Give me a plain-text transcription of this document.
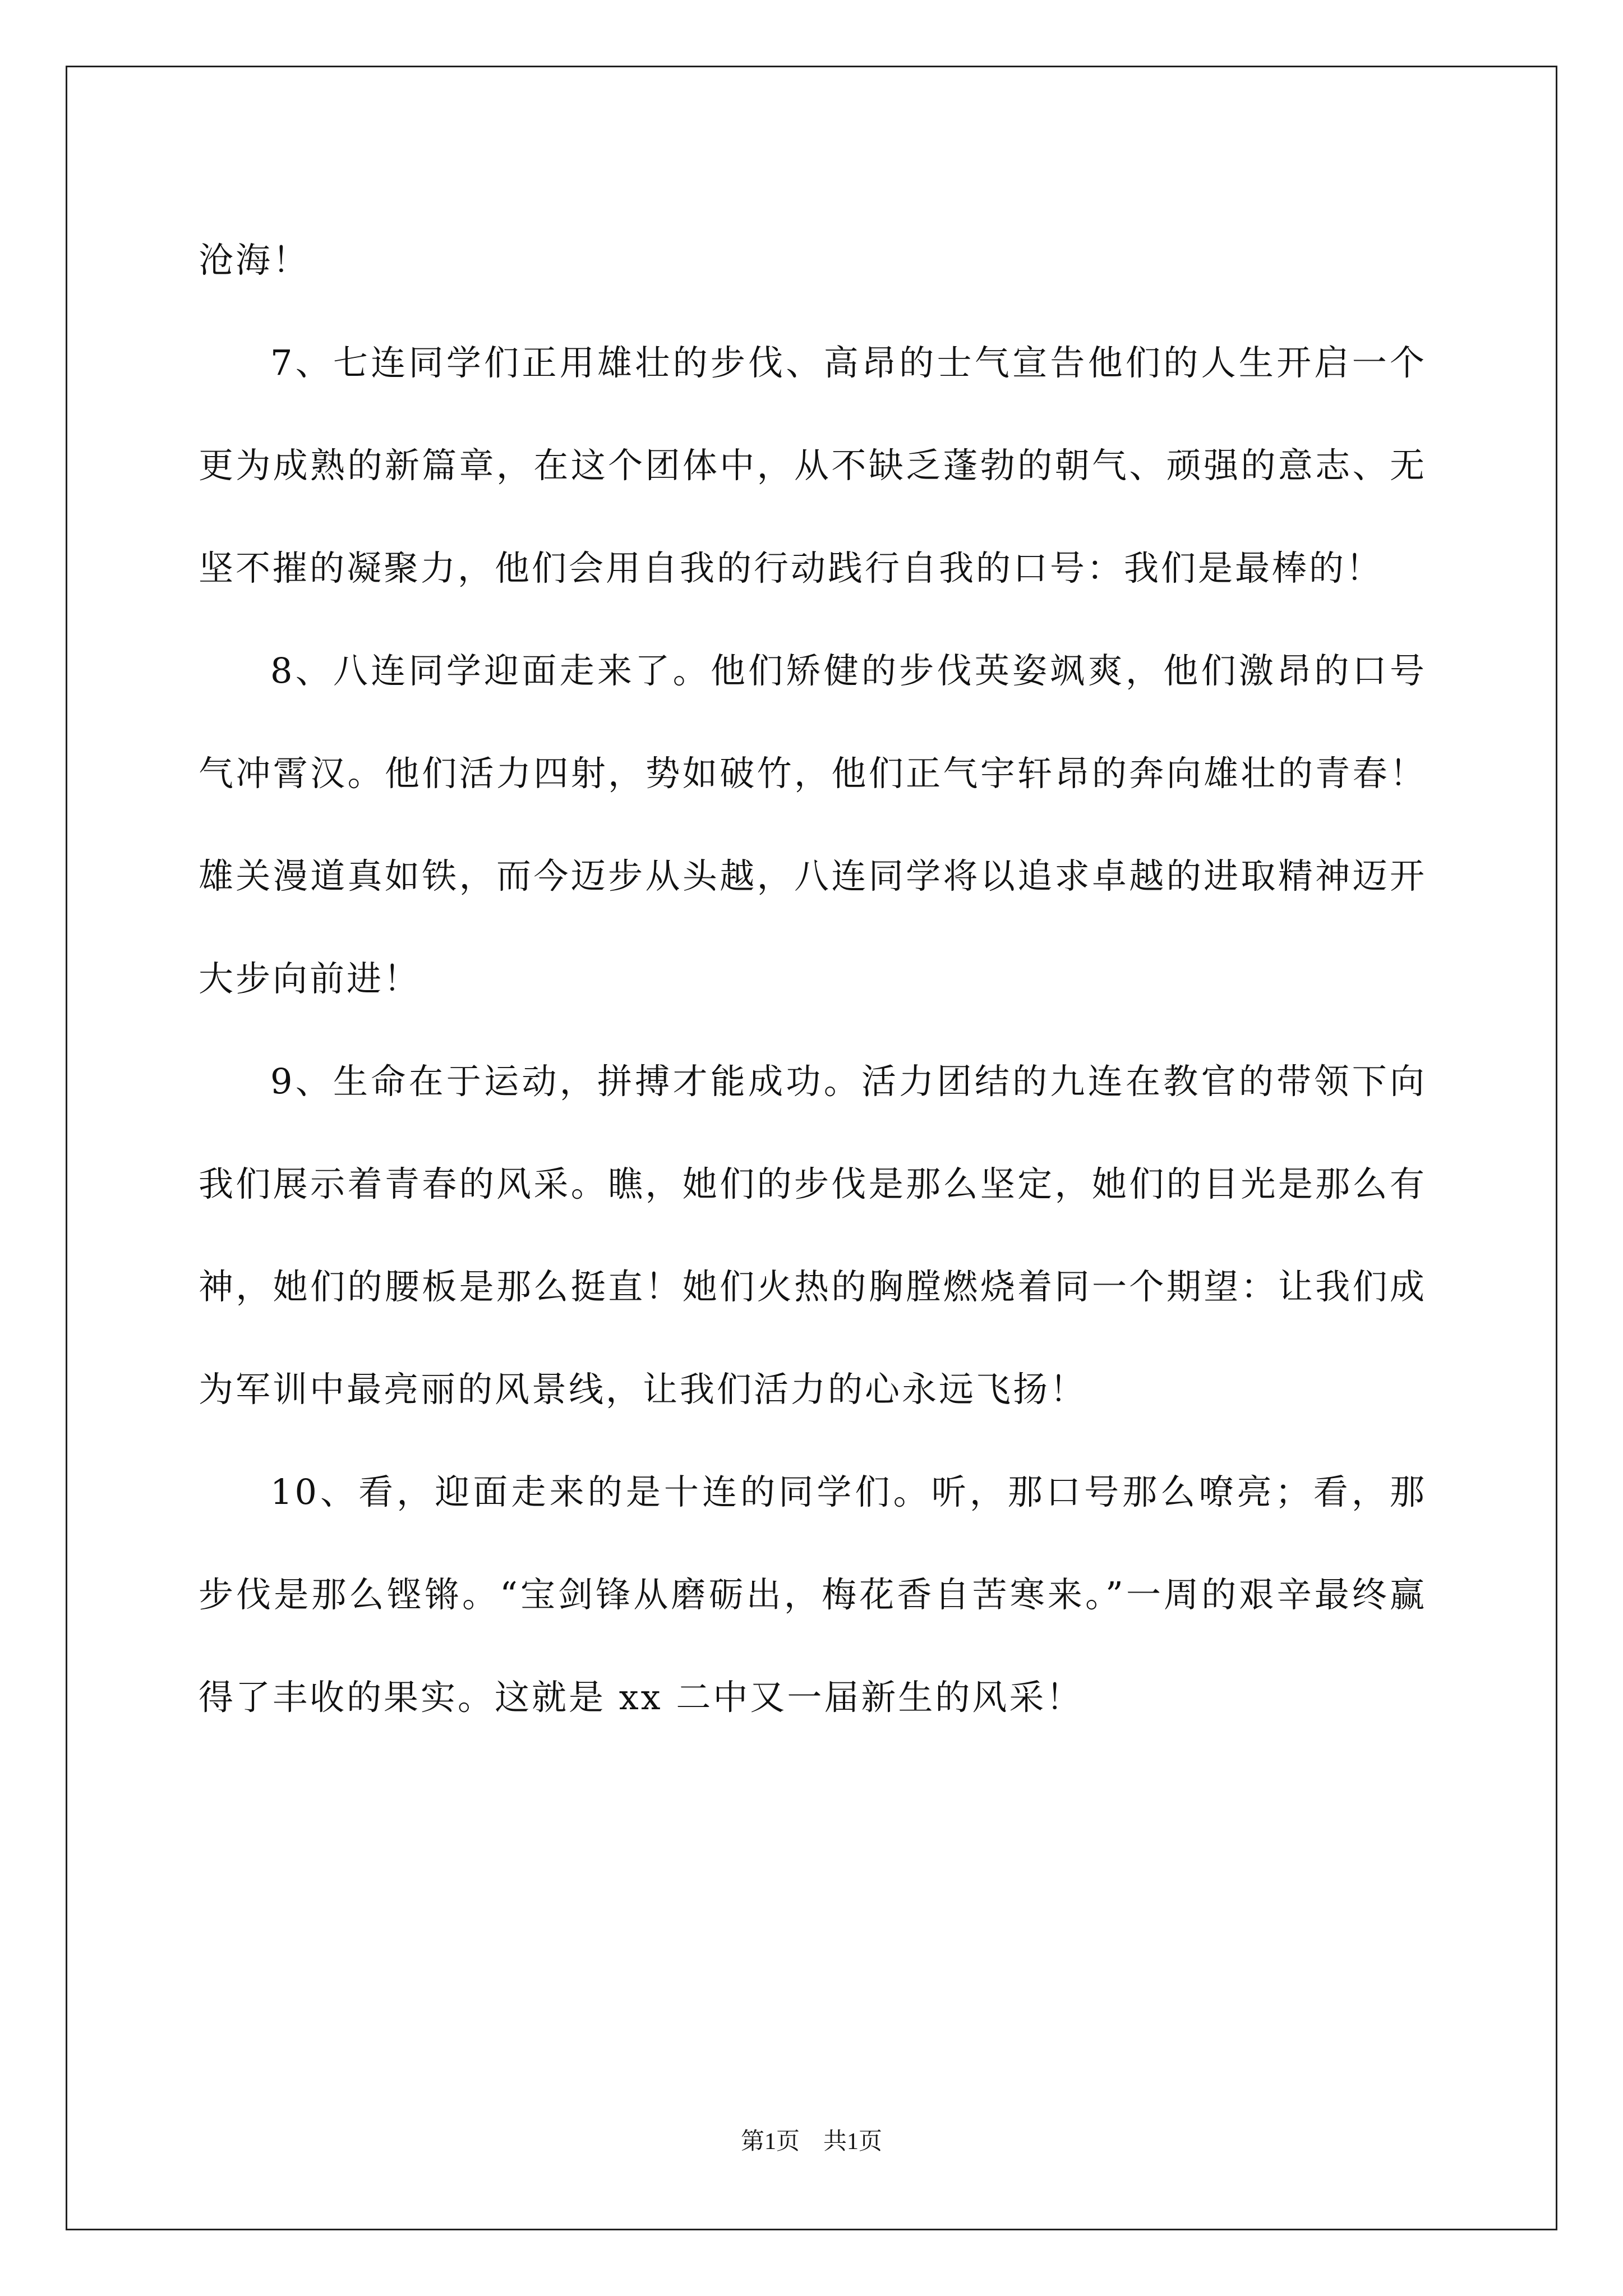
沧海！

7、七连同学们正用雄壮的步伐、高昂的士气宣告他们的人生开启一个更为成熟的新篇章，在这个团体中，从不缺乏蓬勃的朝气、顽强的意志、无坚不摧的凝聚力，他们会用自我的行动践行自我的口号：我们是最棒的！

8、八连同学迎面走来了。他们矫健的步伐英姿飒爽，他们激昂的口号气冲霄汉。他们活力四射，势如破竹，他们正气宇轩昂的奔向雄壮的青春！雄关漫道真如铁，而今迈步从头越，八连同学将以追求卓越的进取精神迈开大步向前进！

9、生命在于运动，拼搏才能成功。活力团结的九连在教官的带领下向我们展示着青春的风采。瞧，她们的步伐是那么坚定，她们的目光是那么有神，她们的腰板是那么挺直！她们火热的胸膛燃烧着同一个期望：让我们成为军训中最亮丽的风景线，让我们活力的心永远飞扬！

10、看，迎面走来的是十连的同学们。听，那口号那么嘹亮；看，那步伐是那么铿锵。“宝剑锋从磨砺出，梅花香自苦寒来。”一周的艰辛最终赢得了丰收的果实。这就是 xx 二中又一届新生的风采！

第1页　共1页
